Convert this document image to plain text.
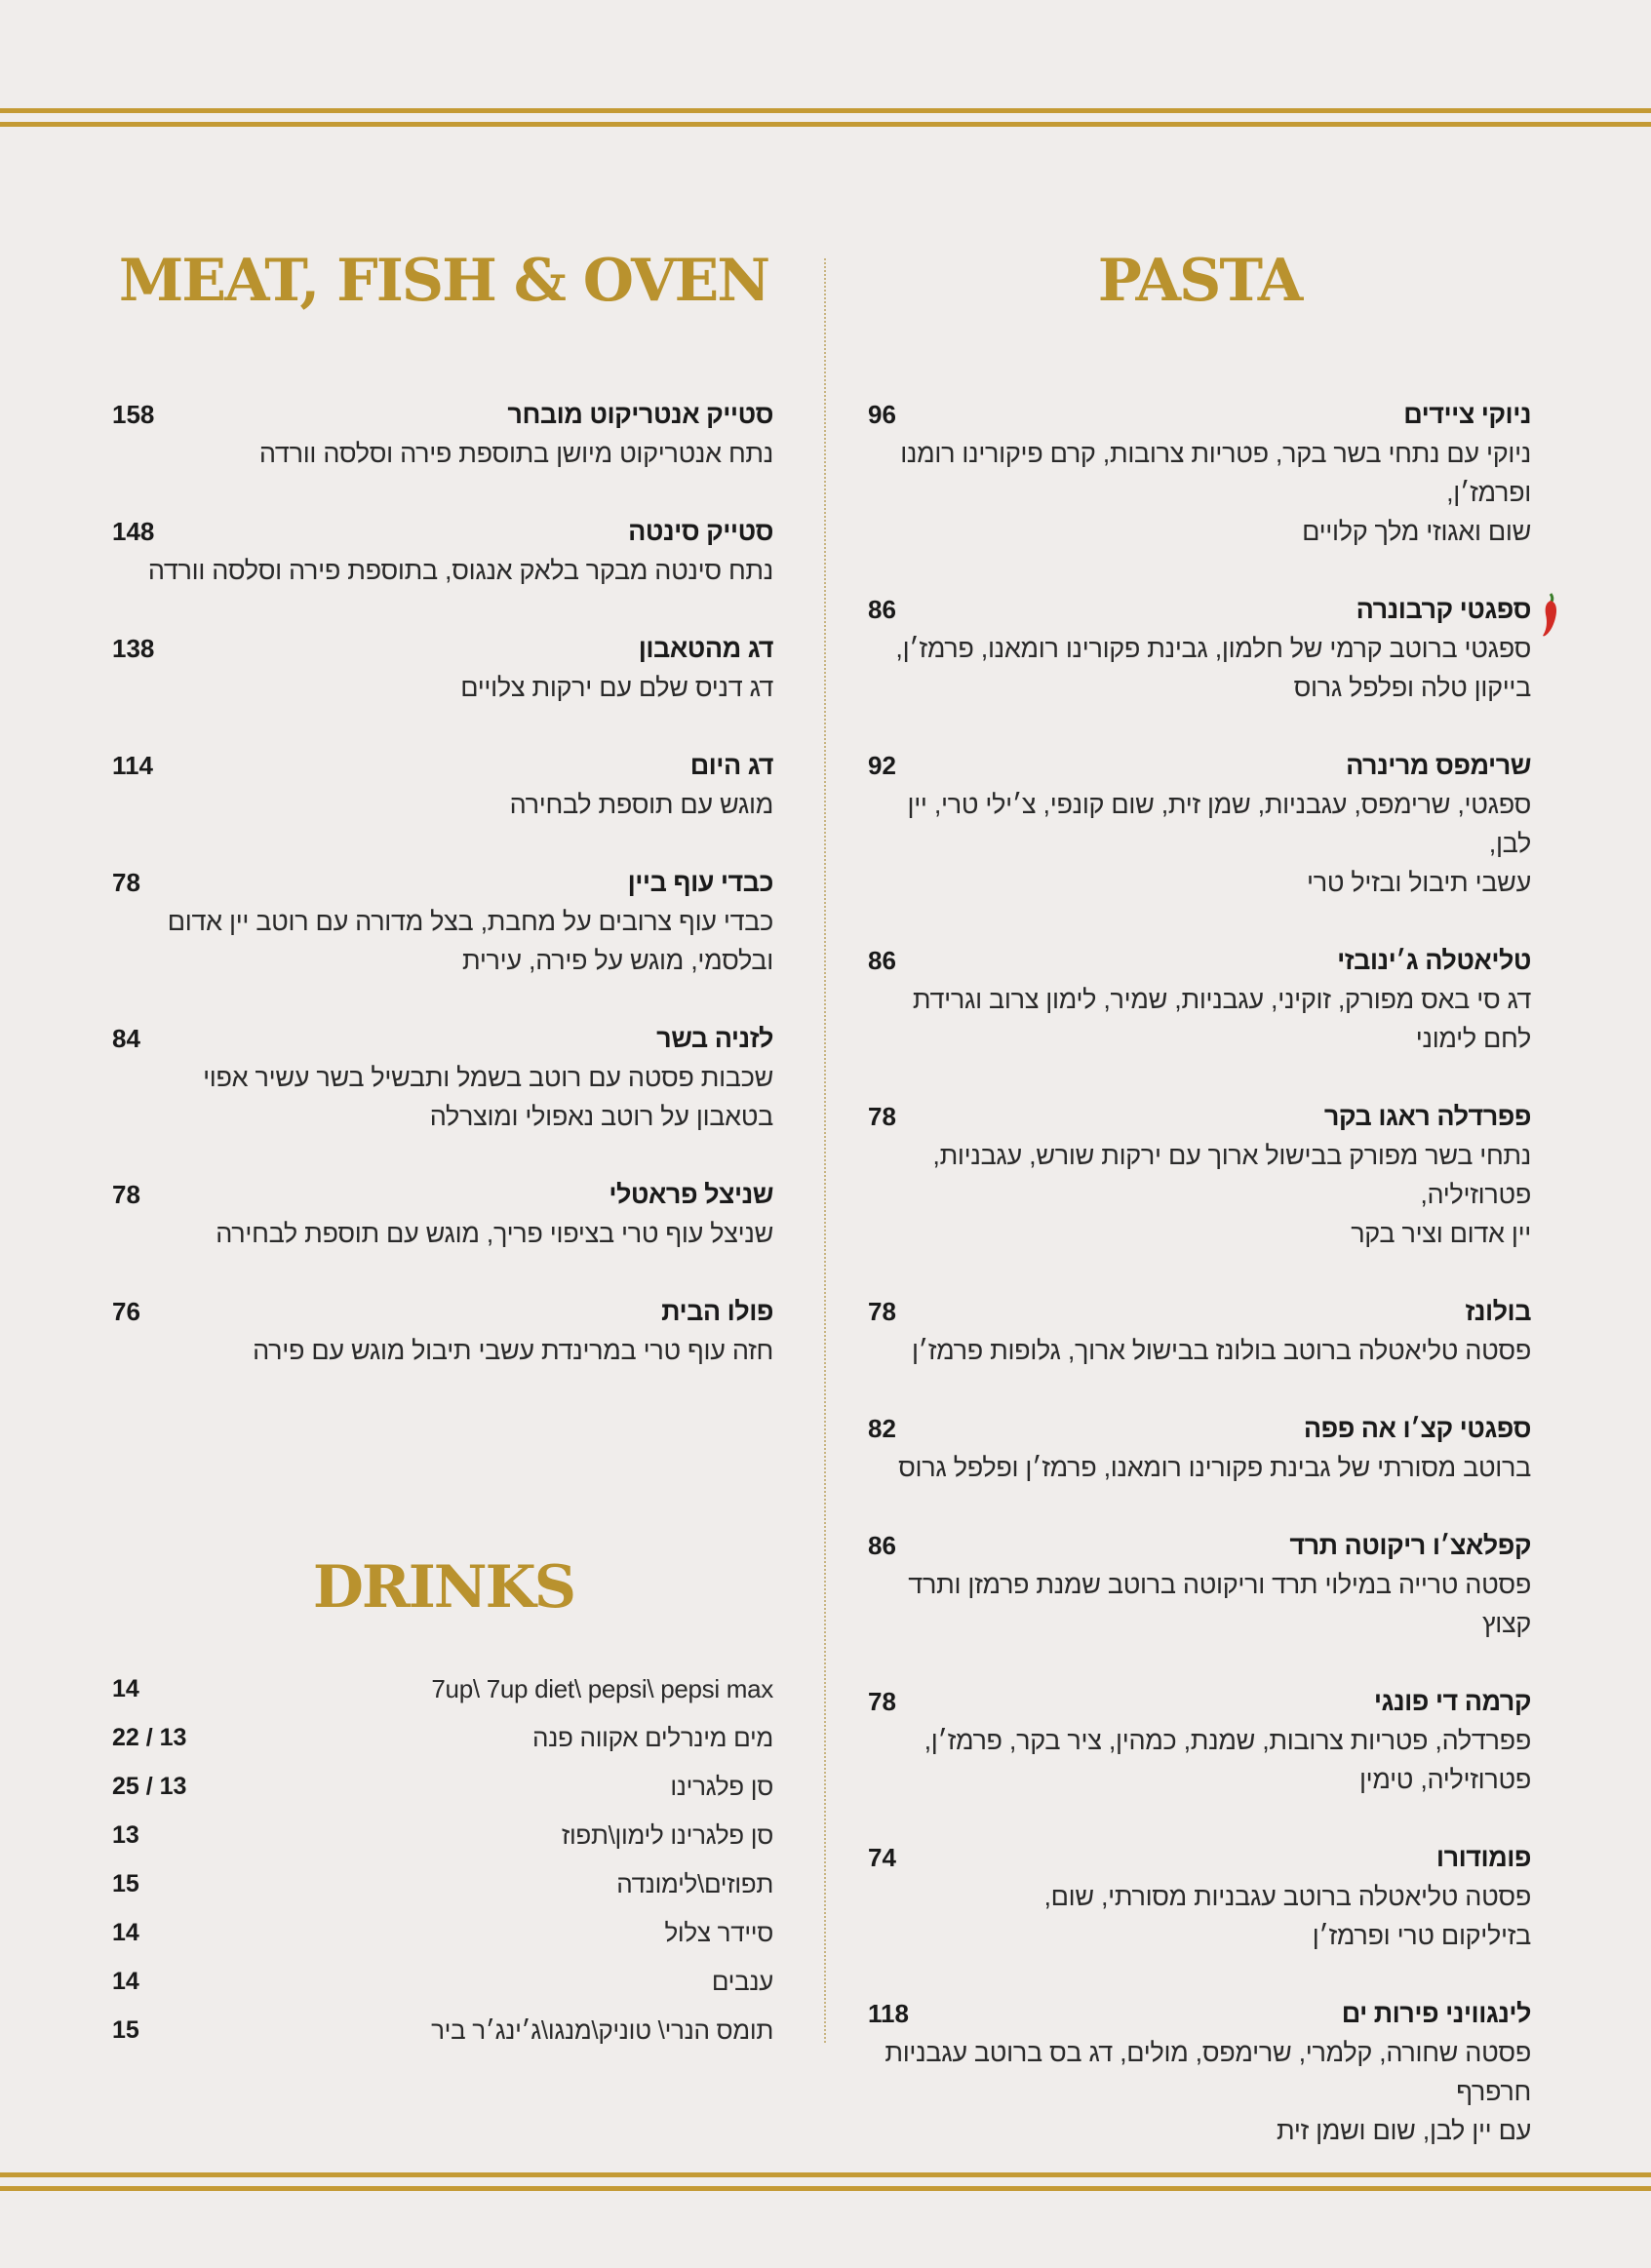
MEAT, FISH & OVEN	PASTA
DRINKS
ניוקי ציידים
96
ניוקי עם נתחי בשר בקר, פטריות צרובות, קרם פיקורינו רומנו ופרמז׳ן,
שום ואגוזי מלך קלויים
ספגטי קרבונרה
86
ספגטי ברוטב קרמי של חלמון, גבינת פקורינו רומאנו, פרמז׳ן,
בייקון טלה ופלפל גרוס
שרימפס מרינרה
92
ספגטי, שרימפס, עגבניות, שמן זית, שום קונפי, צ׳ילי טרי, יין לבן,
עשבי תיבול ובזיל טרי
טליאטלה ג׳ינובזי
86
דג סי באס מפורק, זוקיני, עגבניות, שמיר, לימון צרוב וגרידת
לחם לימוני
פפרדלה ראגו בקר
78
נתחי בשר מפורק בבישול ארוך עם ירקות שורש, עגבניות, פטרוזיליה,
יין אדום וציר בקר
בולונז
78
פסטה טליאטלה ברוטב בולונז בבישול ארוך, גלופות פרמז׳ן
ספגטי קצ׳ו אה פפה
82
ברוטב מסורתי של גבינת פקורינו רומאנו, פרמז׳ן ופלפל גרוס
קפלאצ׳ו ריקוטה תרד
86
פסטה טרייה במילוי תרד וריקוטה ברוטב שמנת פרמזן ותרד קצוץ
קרמה די פונגי
78
פפרדלה, פטריות צרובות, שמנת, כמהין, ציר בקר, פרמז׳ן,
פטרוזיליה, טימין
פומודורו
74
פסטה טליאטלה ברוטב עגבניות מסורתי, שום,
בזיליקום טרי ופרמז׳ן
לינגוויני פירות ים
118
פסטה שחורה, קלמרי, שרימפס, מולים, דג בס ברוטב עגבניות חרפרף
עם יין לבן, שום ושמן זית
סטייק אנטריקוט מובחר
158
נתח אנטריקוט מיושן בתוספת פירה וסלסה וורדה
סטייק סינטה
148
נתח סינטה מבקר בלאק אנגוס, בתוספת פירה וסלסה וורדה
דג מהטאבון
138
דג דניס שלם עם ירקות צלויים
דג היום
114
מוגש עם תוספת לבחירה
כבדי עוף ביין
78
כבדי עוף צרובים על מחבת, בצל מדורה עם רוטב יין אדום
ובלסמי, מוגש על פירה, עירית
לזניה בשר
84
שכבות פסטה עם רוטב בשמל ותבשיל בשר עשיר אפוי
בטאבון על רוטב נאפולי ומוצרלה
שניצל פראטלי
78
שניצל עוף טרי בציפוי פריך, מוגש עם תוספת לבחירה
פולו הבית
76
חזה עוף טרי במרינדת עשבי תיבול מוגש עם פירה
7up\ 7up diet\ pepsi\ pepsi max
14
מים מינרלים אקווה פנה
22 / 13
סן פלגרינו
25 / 13
סן פלגרינו לימון\תפוז
13
תפוזים\לימונדה
15
סיידר צלול
14
ענבים
14
תומס הנרי\ טוניק\מנגו\ג׳ינג׳ר ביר
15
